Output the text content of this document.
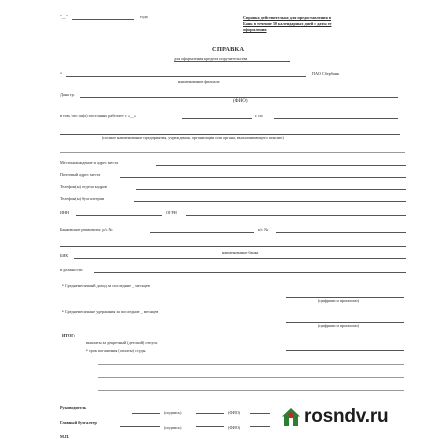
"__"	года	Справка действительна для предоставления в
Банк в течение 30 календарных дней с даты ее
оформления
СПРАВКА
для оформления кредита поручительства
«	ПАО Сбербанк
наименование филиала
Дана гр.
(ФИО)
в том, что он(а) постоянно работает с «__»	г. по
(полное наименование предприятия, учреждения, организации или органа, выплачивающего пенсию)
Местонахождение и адрес места
Почтовый адрес места
Телефон(ы) отдела кадров
Телефон(ы) бухгалтерии
ИНН	ОГРН
Банковские реквизиты: р/с №	к/с №
БИК
наименование банка
в должности
• Среднемесячный доход за последние _ месяцев
(цифрами и прописью)
• Среднемесячные удержания за последние _ месяцев
(цифрами и прописью)
ИТОГ:
выплаты за декретный (детский) отпуск
• срок погашения (оплаты) ссуды
Руководитель
(подпись)	(ФИО)
Главный бухгалтер
(подпись)	(ФИО)
М.П.
rosndv.ru
